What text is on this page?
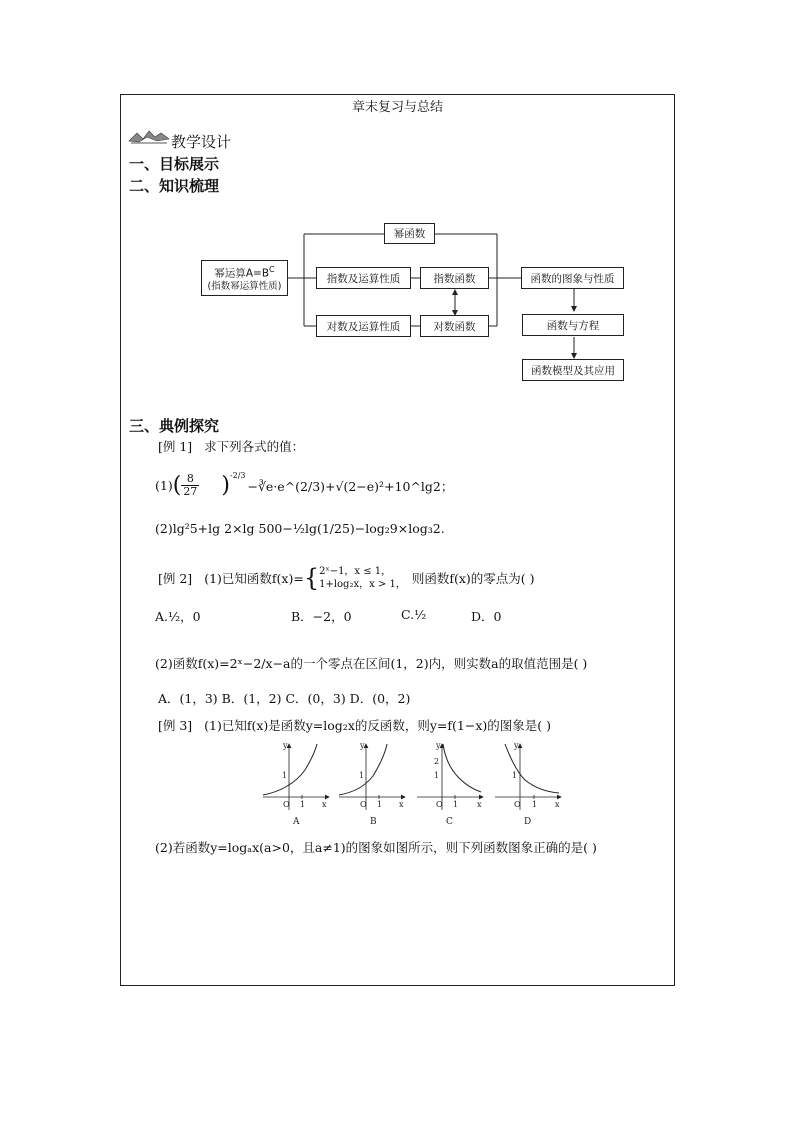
章末复习与总结
教学设计
一、目标展示
二、知识梳理
幂函数
幂运算$A=B^C$
(指数幂运算性质)
指数及运算性质	指数函数	函数的图象与性质
对数及运算性质	对数函数	函数与方程
函数模型及其应用
三、典例探究
[例 1] 求下列各式的值：
(1) ( $\frac{8}{27}$ ) -2/3
−∛e·e^(2/3)+√(2−e)²+10^lg2；
(2)lg²5+lg 2×lg 500−½lg(1/25)−log₂9×log₃2.
[例 2] (1)已知函数f(x)= { 2ˣ−1，x ≤ 1，
1+log₂x，x > 1， 则函数f(x)的零点为( )
A.½，0	B．−2，0	C.½	D．0
(2)函数f(x)=2ˣ−2/x−a的一个零点在区间(1，2)内，则实数a的取值范围是( )
A．(1，3) B．(1，2) C．(0，3) D．(0，2)
[例 3] (1)已知f(x)是函数y=log₂x的反函数，则y=f(1−x)的图象是( )
y
1
O 1 x
y
1
O 1 x
y
2
1
O 1 x
y
1
O 1 x
A	B	C	D
(2)若函数y=logₐx(a>0，且a≠1)的图象如图所示，则下列函数图象正确的是( )
